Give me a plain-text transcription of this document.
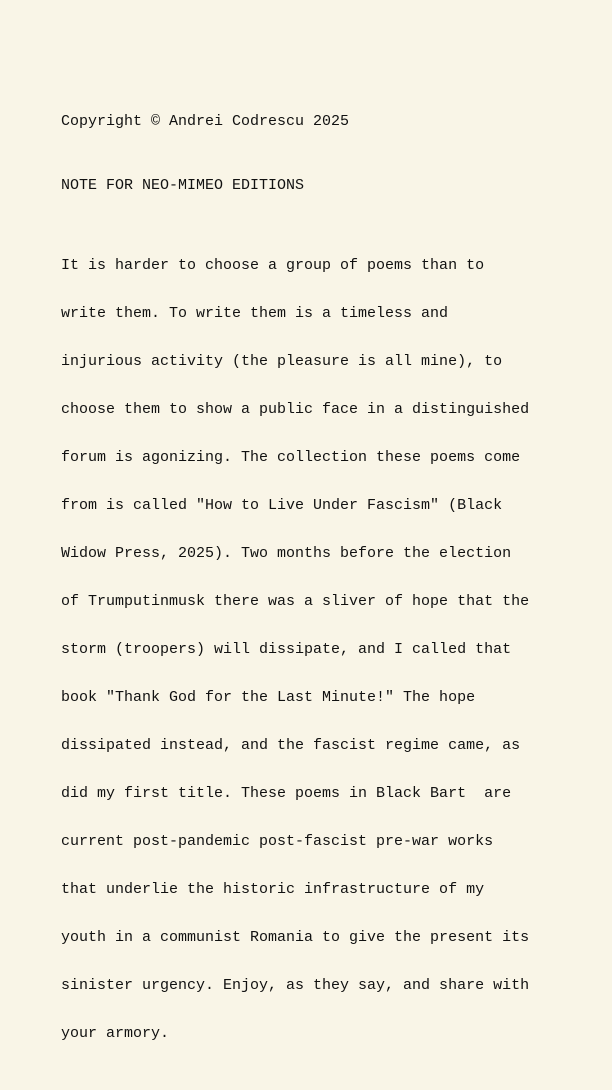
Copyright © Andrei Codrescu 2025

NOTE FOR NEO-MIMEO EDITIONS

It is harder to choose a group of poems than to

write them. To write them is a timeless and

injurious activity (the pleasure is all mine), to

choose them to show a public face in a distinguished

forum is agonizing. The collection these poems come

from is called "How to Live Under Fascism" (Black

Widow Press, 2025). Two months before the election

of Trumputinmusk there was a sliver of hope that the

storm (troopers) will dissipate, and I called that

book "Thank God for the Last Minute!" The hope

dissipated instead, and the fascist regime came, as

did my first title. These poems in Black Bart  are

current post-pandemic post-fascist pre-war works

that underlie the historic infrastructure of my

youth in a communist Romania to give the present its

sinister urgency. Enjoy, as they say, and share with

your armory.
